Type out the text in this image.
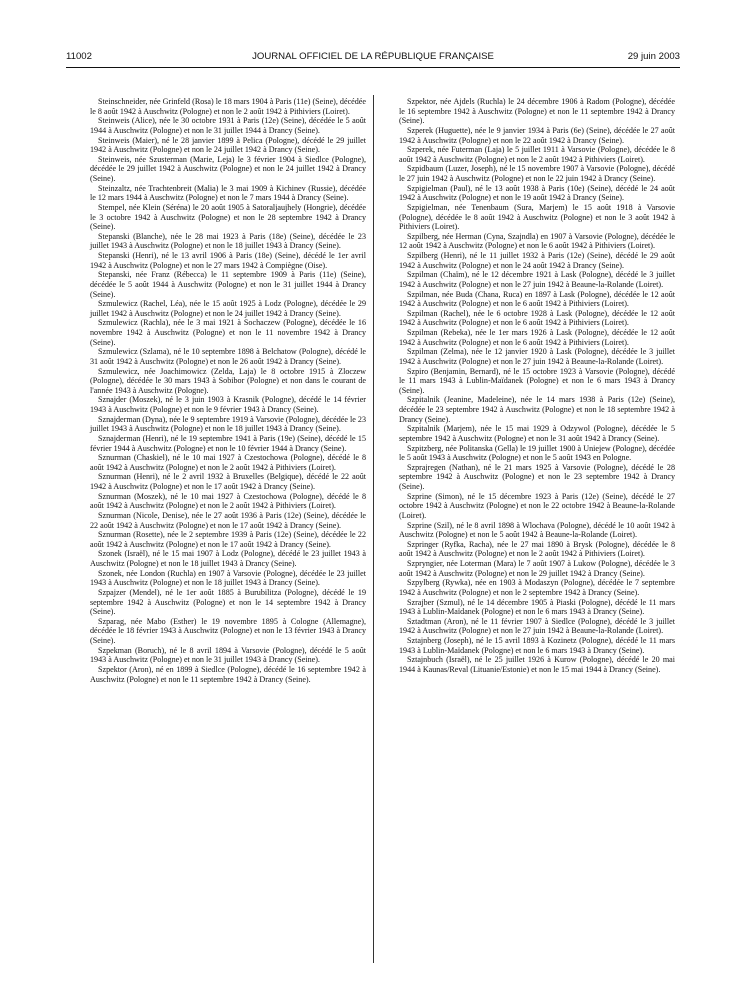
11002	JOURNAL OFFICIEL DE LA RÉPUBLIQUE FRANÇAISE	29 juin 2003

Steinschneider, née Grinfeld (Rosa) le 18 mars 1904 à Paris (11e) (Seine), décédée le 8 août 1942 à Auschwitz (Pologne) et non le 2 août 1942 à Pithiviers (Loiret).

Steinweis (Alice), née le 30 octobre 1931 à Paris (12e) (Seine), décédée le 5 août 1944 à Auschwitz (Pologne) et non le 31 juillet 1944 à Drancy (Seine).

Steinweis (Maier), né le 28 janvier 1899 à Pelica (Pologne), décédé le 29 juillet 1942 à Auschwitz (Pologne) et non le 24 juillet 1942 à Drancy (Seine).

Steinweis, née Szusterman (Marie, Leja) le 3 février 1904 à Siedlce (Pologne), décédée le 29 juillet 1942 à Auschwitz (Pologne) et non le 24 juillet 1942 à Drancy (Seine).

Steinzaltz, née Trachtenbreit (Malia) le 3 mai 1909 à Kichinev (Russie), décédée le 12 mars 1944 à Auschwitz (Pologne) et non le 7 mars 1944 à Drancy (Seine).

Stempel, née Klein (Séréna) le 20 août 1905 à Satoraljaujhely (Hongrie), décédée le 3 octobre 1942 à Auschwitz (Pologne) et non le 28 septembre 1942 à Drancy (Seine).

Stepanski (Blanche), née le 28 mai 1923 à Paris (18e) (Seine), décédée le 23 juillet 1943 à Auschwitz (Pologne) et non le 18 juillet 1943 à Drancy (Seine).

Stepanski (Henri), né le 13 avril 1906 à Paris (18e) (Seine), décédé le 1er avril 1942 à Auschwitz (Pologne) et non le 27 mars 1942 à Compiègne (Oise).

Stepanski, née Franz (Rébecca) le 11 septembre 1909 à Paris (11e) (Seine), décédée le 5 août 1944 à Auschwitz (Pologne) et non le 31 juillet 1944 à Drancy (Seine).

Szmulewicz (Rachel, Léa), née le 15 août 1925 à Lodz (Pologne), décédée le 29 juillet 1942 à Auschwitz (Pologne) et non le 24 juillet 1942 à Drancy (Seine).

Szmulewicz (Rachla), née le 3 mai 1921 à Sochaczew (Pologne), décédée le 16 novembre 1942 à Auschwitz (Pologne) et non le 11 novembre 1942 à Drancy (Seine).

Szmulewicz (Szlama), né le 10 septembre 1898 à Belchatow (Pologne), décédé le 31 août 1942 à Auschwitz (Pologne) et non le 26 août 1942 à Drancy (Seine).

Szmulewicz, née Joachimowicz (Zelda, Laja) le 8 octobre 1915 à Zloczew (Pologne), décédée le 30 mars 1943 à Sobibor (Pologne) et non dans le courant de l'année 1943 à Auschwitz (Pologne).

Sznajder (Moszek), né le 3 juin 1903 à Krasnik (Pologne), décédé le 14 février 1943 à Auschwitz (Pologne) et non le 9 février 1943 à Drancy (Seine).

Sznajderman (Dyna), née le 9 septembre 1919 à Varsovie (Pologne), décédée le 23 juillet 1943 à Auschwitz (Pologne) et non le 18 juillet 1943 à Drancy (Seine).

Sznajderman (Henri), né le 19 septembre 1941 à Paris (19e) (Seine), décédé le 15 février 1944 à Auschwitz (Pologne) et non le 10 février 1944 à Drancy (Seine).

Sznurman (Chaskiel), né le 10 mai 1927 à Czestochowa (Pologne), décédé le 8 août 1942 à Auschwitz (Pologne) et non le 2 août 1942 à Pithiviers (Loiret).

Sznurman (Henri), né le 2 avril 1932 à Bruxelles (Belgique), décédé le 22 août 1942 à Auschwitz (Pologne) et non le 17 août 1942 à Drancy (Seine).

Sznurman (Moszek), né le 10 mai 1927 à Czestochowa (Pologne), décédé le 8 août 1942 à Auschwitz (Pologne) et non le 2 août 1942 à Pithiviers (Loiret).

Sznurman (Nicole, Denise), née le 27 août 1936 à Paris (12e) (Seine), décédée le 22 août 1942 à Auschwitz (Pologne) et non le 17 août 1942 à Drancy (Seine).

Sznurman (Rosette), née le 2 septembre 1939 à Paris (12e) (Seine), décédée le 22 août 1942 à Auschwitz (Pologne) et non le 17 août 1942 à Drancy (Seine).

Szonek (Israël), né le 15 mai 1907 à Lodz (Pologne), décédé le 23 juillet 1943 à Auschwitz (Pologne) et non le 18 juillet 1943 à Drancy (Seine).

Szonek, née London (Ruchla) en 1907 à Varsovie (Pologne), décédée le 23 juillet 1943 à Auschwitz (Pologne) et non le 18 juillet 1943 à Drancy (Seine).

Szpajzer (Mendel), né le 1er août 1885 à Burubilitza (Pologne), décédé le 19 septembre 1942 à Auschwitz (Pologne) et non le 14 septembre 1942 à Drancy (Seine).

Szparag, née Mabo (Esther) le 19 novembre 1895 à Cologne (Allemagne), décédée le 18 février 1943 à Auschwitz (Pologne) et non le 13 février 1943 à Drancy (Seine).

Szpekman (Boruch), né le 8 avril 1894 à Varsovie (Pologne), décédé le 5 août 1943 à Auschwitz (Pologne) et non le 31 juillet 1943 à Drancy (Seine).

Szpektor (Aron), né en 1899 à Siedlce (Pologne), décédé le 16 septembre 1942 à Auschwitz (Pologne) et non le 11 septembre 1942 à Drancy (Seine).

Szpektor, née Ajdels (Ruchla) le 24 décembre 1906 à Radom (Pologne), décédée le 16 septembre 1942 à Auschwitz (Pologne) et non le 11 septembre 1942 à Drancy (Seine).

Szperek (Huguette), née le 9 janvier 1934 à Paris (6e) (Seine), décédée le 27 août 1942 à Auschwitz (Pologne) et non le 22 août 1942 à Drancy (Seine).

Szperek, née Futerman (Laja) le 5 juillet 1911 à Varsovie (Pologne), décédée le 8 août 1942 à Auschwitz (Pologne) et non le 2 août 1942 à Pithiviers (Loiret).

Szpidbaum (Luzer, Joseph), né le 15 novembre 1907 à Varsovie (Pologne), décédé le 27 juin 1942 à Auschwitz (Pologne) et non le 22 juin 1942 à Drancy (Seine).

Szpigielman (Paul), né le 13 août 1938 à Paris (10e) (Seine), décédé le 24 août 1942 à Auschwitz (Pologne) et non le 19 août 1942 à Drancy (Seine).

Szpigielman, née Tenenbaum (Sura, Marjem) le 15 août 1918 à Varsovie (Pologne), décédée le 8 août 1942 à Auschwitz (Pologne) et non le 3 août 1942 à Pithiviers (Loiret).

Szpilberg, née Herman (Cyna, Szajndla) en 1907 à Varsovie (Pologne), décédée le 12 août 1942 à Auschwitz (Pologne) et non le 6 août 1942 à Pithiviers (Loiret).

Szpilberg (Henri), né le 11 juillet 1932 à Paris (12e) (Seine), décédé le 29 août 1942 à Auschwitz (Pologne) et non le 24 août 1942 à Drancy (Seine).

Szpilman (Chaïm), né le 12 décembre 1921 à Lask (Pologne), décédé le 3 juillet 1942 à Auschwitz (Pologne) et non le 27 juin 1942 à Beaune-la-Rolande (Loiret).

Szpilman, née Buda (Chana, Ruca) en 1897 à Lask (Pologne), décédée le 12 août 1942 à Auschwitz (Pologne) et non le 6 août 1942 à Pithiviers (Loiret).

Szpilman (Rachel), née le 6 octobre 1928 à Lask (Pologne), décédée le 12 août 1942 à Auschwitz (Pologne) et non le 6 août 1942 à Pithiviers (Loiret).

Szpilman (Rebeka), née le 1er mars 1926 à Lask (Pologne), décédée le 12 août 1942 à Auschwitz (Pologne) et non le 6 août 1942 à Pithiviers (Loiret).

Szpilman (Zelma), née le 12 janvier 1920 à Lask (Pologne), décédée le 3 juillet 1942 à Auschwitz (Pologne) et non le 27 juin 1942 à Beaune-la-Rolande (Loiret).

Szpiro (Benjamin, Bernard), né le 15 octobre 1923 à Varsovie (Pologne), décédé le 11 mars 1943 à Lublin-Maïdanek (Pologne) et non le 6 mars 1943 à Drancy (Seine).

Szpitalnik (Jeanine, Madeleine), née le 14 mars 1938 à Paris (12e) (Seine), décédée le 23 septembre 1942 à Auschwitz (Pologne) et non le 18 septembre 1942 à Drancy (Seine).

Szpitalnik (Marjem), née le 15 mai 1929 à Odzywol (Pologne), décédée le 5 septembre 1942 à Auschwitz (Pologne) et non le 31 août 1942 à Drancy (Seine).

Szpitzberg, née Politanska (Gella) le 19 juillet 1900 à Uniejew (Pologne), décédée le 5 août 1943 à Auschwitz (Pologne) et non le 5 août 1943 en Pologne.

Szprajregen (Nathan), né le 21 mars 1925 à Varsovie (Pologne), décédé le 28 septembre 1942 à Auschwitz (Pologne) et non le 23 septembre 1942 à Drancy (Seine).

Szprine (Simon), né le 15 décembre 1923 à Paris (12e) (Seine), décédé le 27 octobre 1942 à Auschwitz (Pologne) et non le 22 octobre 1942 à Beaune-la-Rolande (Loiret).

Szprine (Szil), né le 8 avril 1898 à Wlochava (Pologne), décédé le 10 août 1942 à Auschwitz (Pologne) et non le 5 août 1942 à Beaune-la-Rolande (Loiret).

Szpringer (Ryfka, Racha), née le 27 mai 1890 à Brysk (Pologne), décédée le 8 août 1942 à Auschwitz (Pologne) et non le 2 août 1942 à Pithiviers (Loiret).

Szpryngier, née Loterman (Mara) le 7 août 1907 à Lukow (Pologne), décédée le 3 août 1942 à Auschwitz (Pologne) et non le 29 juillet 1942 à Drancy (Seine).

Szpylberg (Rywka), née en 1903 à Modaszyn (Pologne), décédée le 7 septembre 1942 à Auschwitz (Pologne) et non le 2 septembre 1942 à Drancy (Seine).

Szrajber (Szmul), né le 14 décembre 1905 à Piaski (Pologne), décédé le 11 mars 1943 à Lublin-Maïdanek (Pologne) et non le 6 mars 1943 à Drancy (Seine).

Sztadtman (Aron), né le 11 février 1907 à Siedlce (Pologne), décédé le 3 juillet 1942 à Auschwitz (Pologne) et non le 27 juin 1942 à Beaune-la-Rolande (Loiret).

Sztajnberg (Joseph), né le 15 avril 1893 à Kozinetz (Pologne), décédé le 11 mars 1943 à Lublin-Maïdanek (Pologne) et non le 6 mars 1943 à Drancy (Seine).

Sztajnbuch (Israël), né le 25 juillet 1926 à Kurow (Pologne), décédé le 20 mai 1944 à Kaunas/Reval (Lituanie/Estonie) et non le 15 mai 1944 à Drancy (Seine).
